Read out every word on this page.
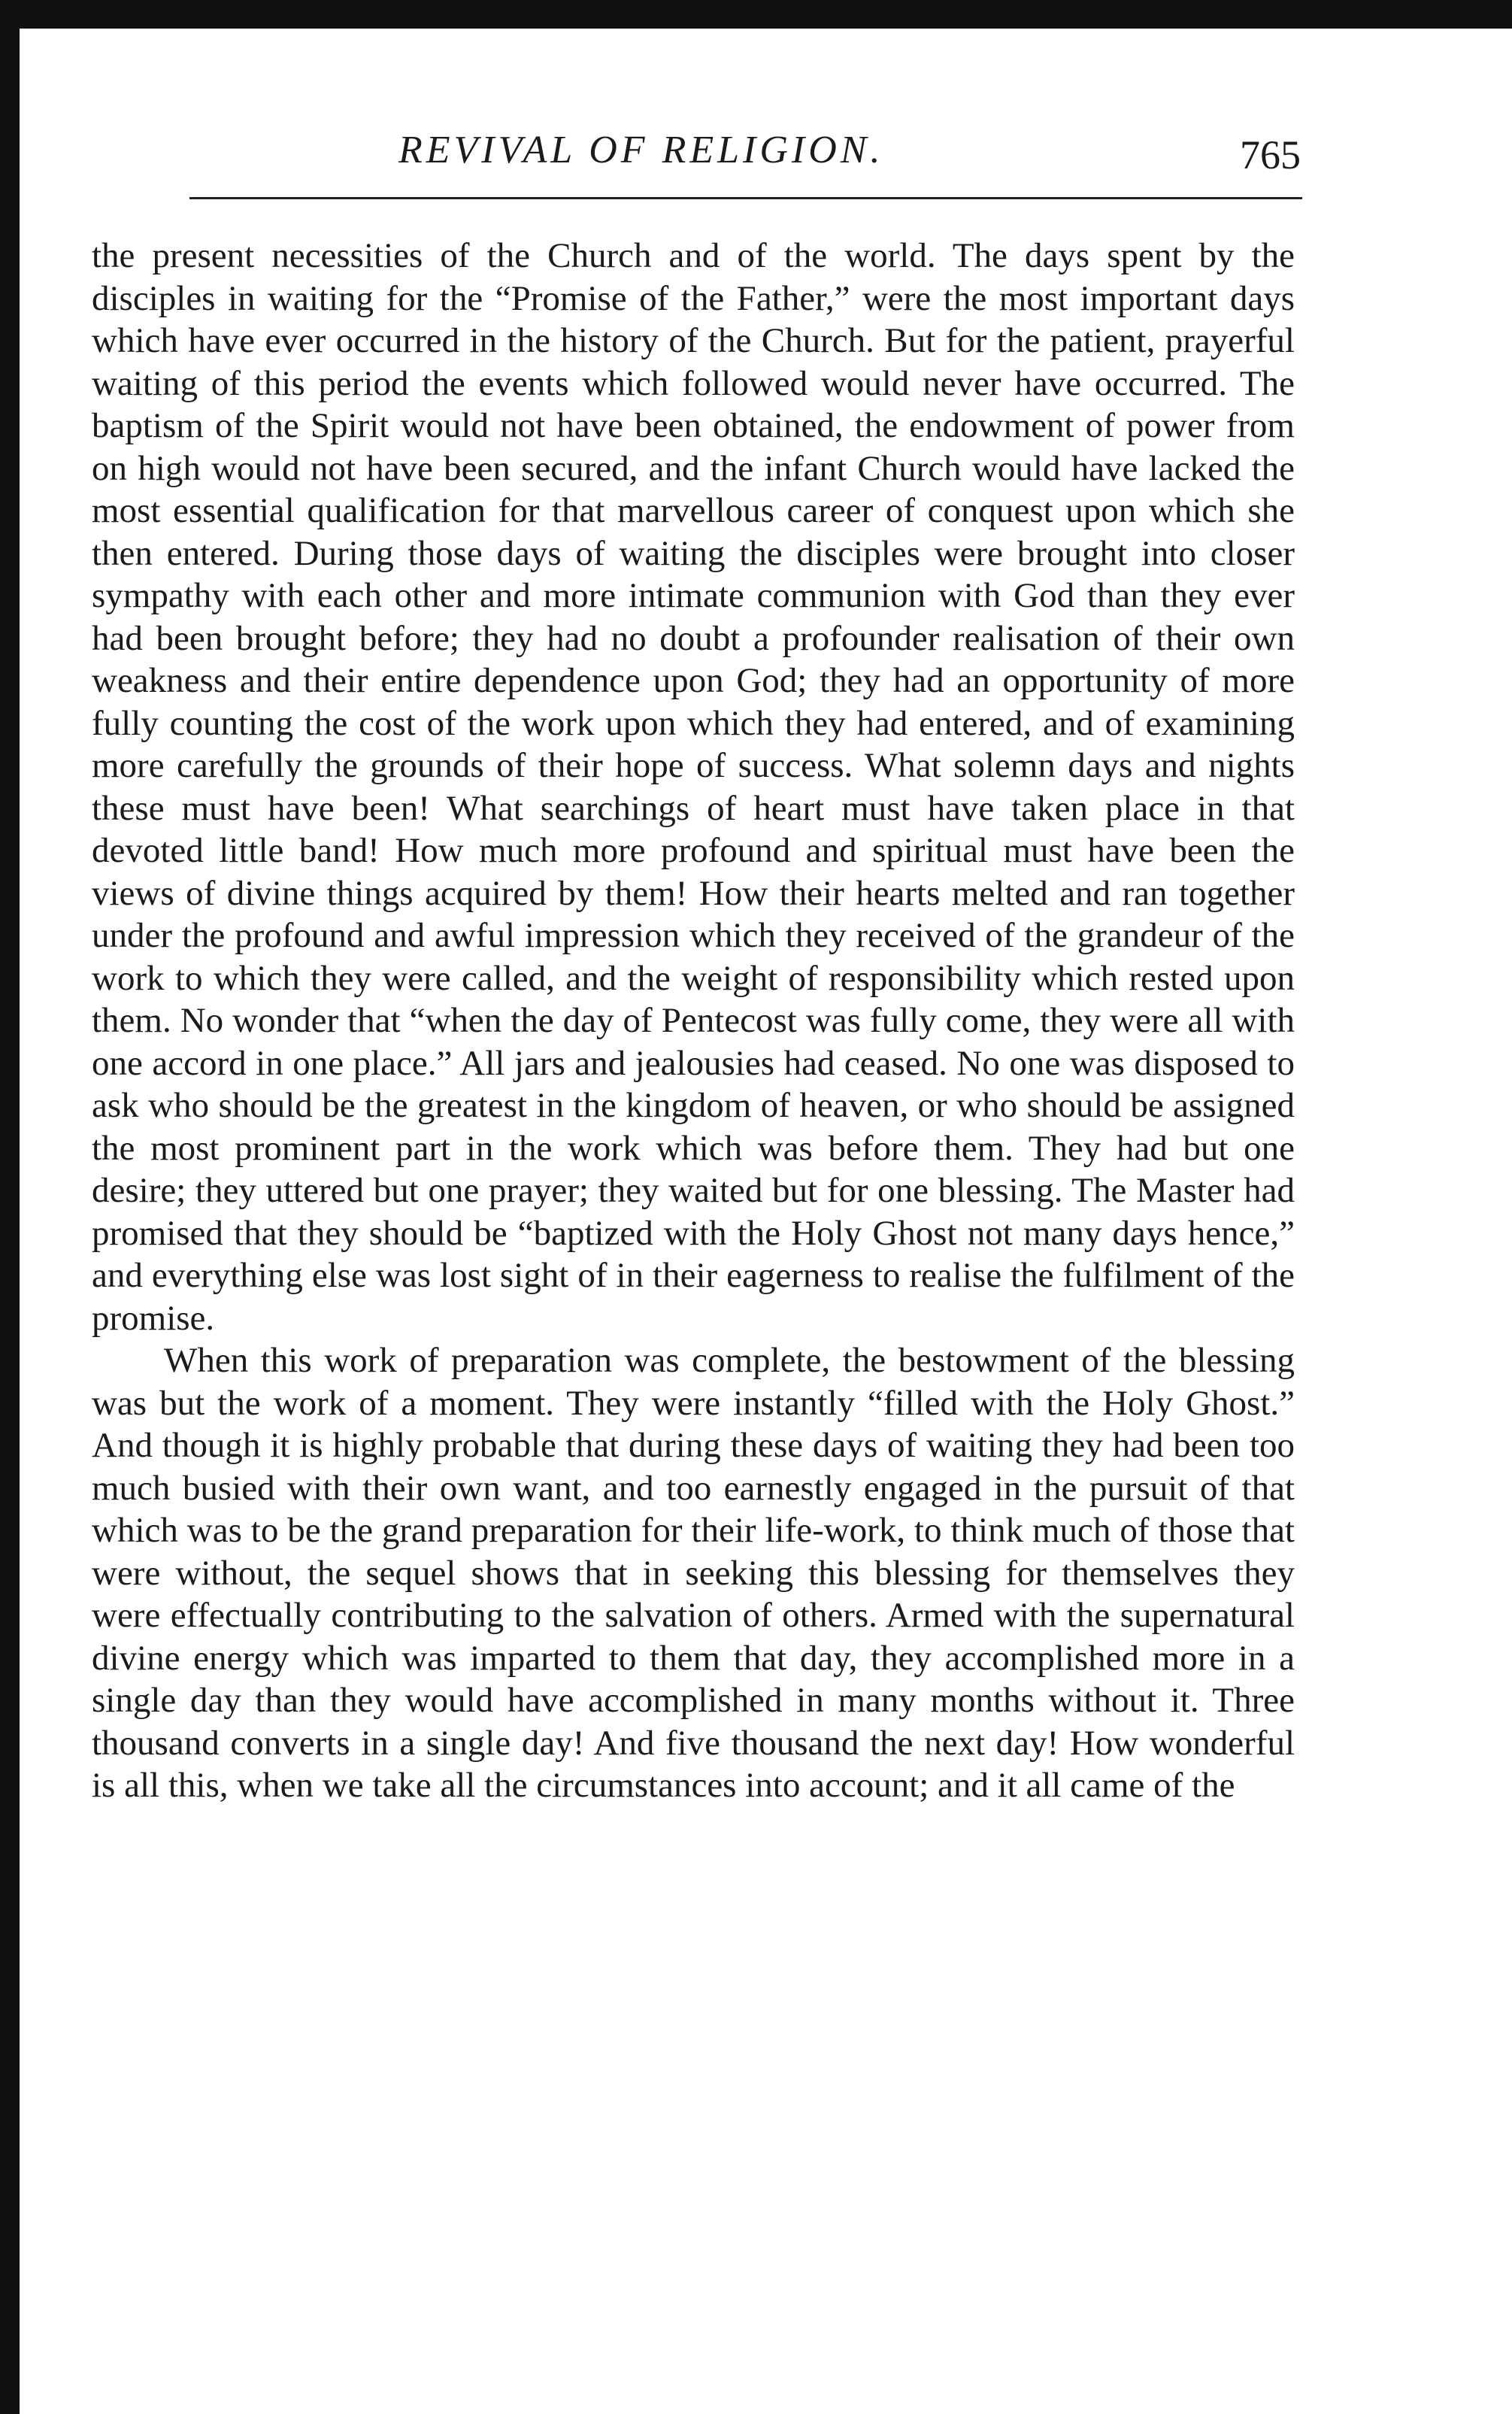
REVIVAL OF RELIGION.	765

the present necessities of the Church and of the world. The days spent by the disciples in waiting for the “Promise of the Father,” were the most important days which have ever occurred in the history of the Church. But for the patient, prayerful waiting of this period the events which followed would never have occurred. The baptism of the Spirit would not have been obtained, the endowment of power from on high would not have been secured, and the infant Church would have lacked the most essential qualification for that marvellous career of conquest upon which she then entered. During those days of waiting the disciples were brought into closer sympathy with each other and more intimate communion with God than they ever had been brought before; they had no doubt a profounder realisation of their own weakness and their entire dependence upon God; they had an opportunity of more fully counting the cost of the work upon which they had entered, and of examining more carefully the grounds of their hope of success. What solemn days and nights these must have been! What searchings of heart must have taken place in that devoted little band! How much more profound and spiritual must have been the views of divine things acquired by them! How their hearts melted and ran together under the profound and awful impression which they received of the grandeur of the work to which they were called, and the weight of responsibility which rested upon them. No wonder that “when the day of Pentecost was fully come, they were all with one accord in one place.” All jars and jealousies had ceased. No one was disposed to ask who should be the greatest in the kingdom of heaven, or who should be assigned the most prominent part in the work which was before them. They had but one desire; they uttered but one prayer; they waited but for one blessing. The Master had promised that they should be “baptized with the Holy Ghost not many days hence,” and everything else was lost sight of in their eagerness to realise the fulfilment of the promise.

When this work of preparation was complete, the bestowment of the blessing was but the work of a moment. They were instantly “filled with the Holy Ghost.” And though it is highly probable that during these days of waiting they had been too much busied with their own want, and too earnestly engaged in the pursuit of that which was to be the grand preparation for their life-work, to think much of those that were without, the sequel shows that in seeking this blessing for themselves they were effectually contributing to the salvation of others. Armed with the supernatural divine energy which was imparted to them that day, they accomplished more in a single day than they would have accomplished in many months without it. Three thousand converts in a single day! And five thousand the next day! How wonderful is all this, when we take all the circumstances into account; and it all came of the
